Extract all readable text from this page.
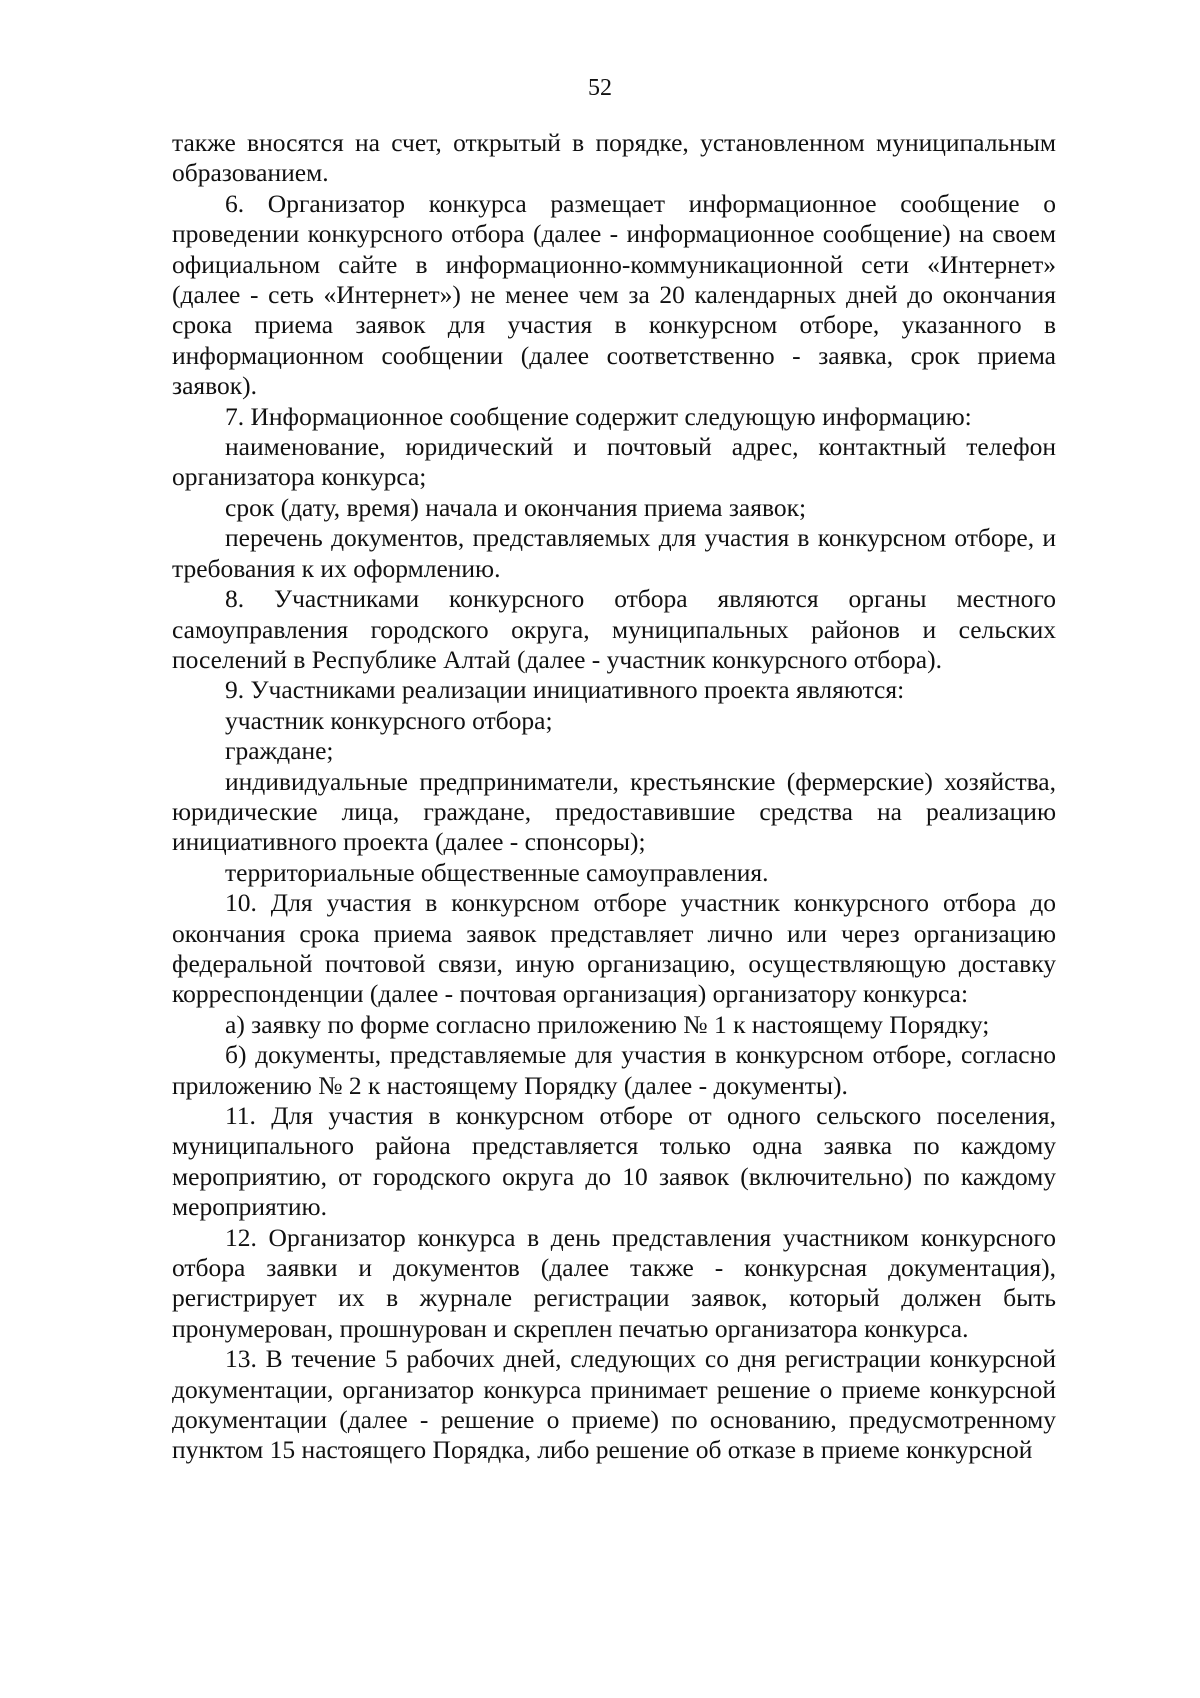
52

также вносятся на счет, открытый в порядке, установленном муниципальным образованием.

6. Организатор конкурса размещает информационное сообщение о проведении конкурсного отбора (далее - информационное сообщение) на своем официальном сайте в информационно-коммуникационной сети «Интернет» (далее - сеть «Интернет») не менее чем за 20 календарных дней до окончания срока приема заявок для участия в конкурсном отборе, указанного в информационном сообщении (далее соответственно - заявка, срок приема заявок).

7. Информационное сообщение содержит следующую информацию:

наименование, юридический и почтовый адрес, контактный телефон организатора конкурса;

срок (дату, время) начала и окончания приема заявок;

перечень документов, представляемых для участия в конкурсном отборе, и требования к их оформлению.

8. Участниками конкурсного отбора являются органы местного самоуправления городского округа, муниципальных районов и сельских поселений в Республике Алтай (далее - участник конкурсного отбора).

9. Участниками реализации инициативного проекта являются:

участник конкурсного отбора;

граждане;

индивидуальные предприниматели, крестьянские (фермерские) хозяйства, юридические лица, граждане, предоставившие средства на реализацию инициативного проекта (далее - спонсоры);

территориальные общественные самоуправления.

10. Для участия в конкурсном отборе участник конкурсного отбора до окончания срока приема заявок представляет лично или через организацию федеральной почтовой связи, иную организацию, осуществляющую доставку корреспонденции (далее - почтовая организация) организатору конкурса:

а) заявку по форме согласно приложению № 1 к настоящему Порядку;

б) документы, представляемые для участия в конкурсном отборе, согласно приложению № 2 к настоящему Порядку (далее - документы).

11. Для участия в конкурсном отборе от одного сельского поселения, муниципального района представляется только одна заявка по каждому мероприятию, от городского округа до 10 заявок (включительно) по каждому мероприятию.

12. Организатор конкурса в день представления участником конкурсного отбора заявки и документов (далее также - конкурсная документация), регистрирует их в журнале регистрации заявок, который должен быть пронумерован, прошнурован и скреплен печатью организатора конкурса.

13. В течение 5 рабочих дней, следующих со дня регистрации конкурсной документации, организатор конкурса принимает решение о приеме конкурсной документации (далее - решение о приеме) по основанию, предусмотренному пунктом 15 настоящего Порядка, либо решение об отказе в приеме конкурсной
